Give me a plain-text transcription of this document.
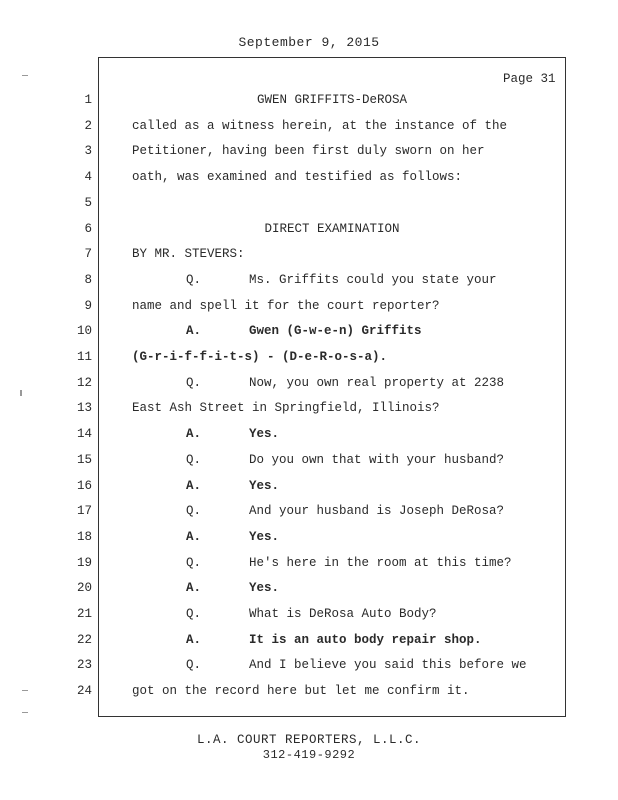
September 9, 2015
Page 31
1	GWEN GRIFFITS-DeROSA
2	called as a witness herein, at the instance of the
3	Petitioner, having been first duly sworn on her
4	oath, was examined and testified as follows:
5
6	DIRECT EXAMINATION
7	BY MR. STEVERS:
8	Q.	Ms. Griffits could you state your
9	name and spell it for the court reporter?
10	A.	Gwen (G-w-e-n) Griffits
11	(G-r-i-f-f-i-t-s) - (D-e-R-o-s-a).
12	Q.	Now, you own real property at 2238
13	East Ash Street in Springfield, Illinois?
14	A.	Yes.
15	Q.	Do you own that with your husband?
16	A.	Yes.
17	Q.	And your husband is Joseph DeRosa?
18	A.	Yes.
19	Q.	He's here in the room at this time?
20	A.	Yes.
21	Q.	What is DeRosa Auto Body?
22	A.	It is an auto body repair shop.
23	Q.	And I believe you said this before we
24	got on the record here but let me confirm it.
L.A. COURT REPORTERS, L.L.C.
312-419-9292
